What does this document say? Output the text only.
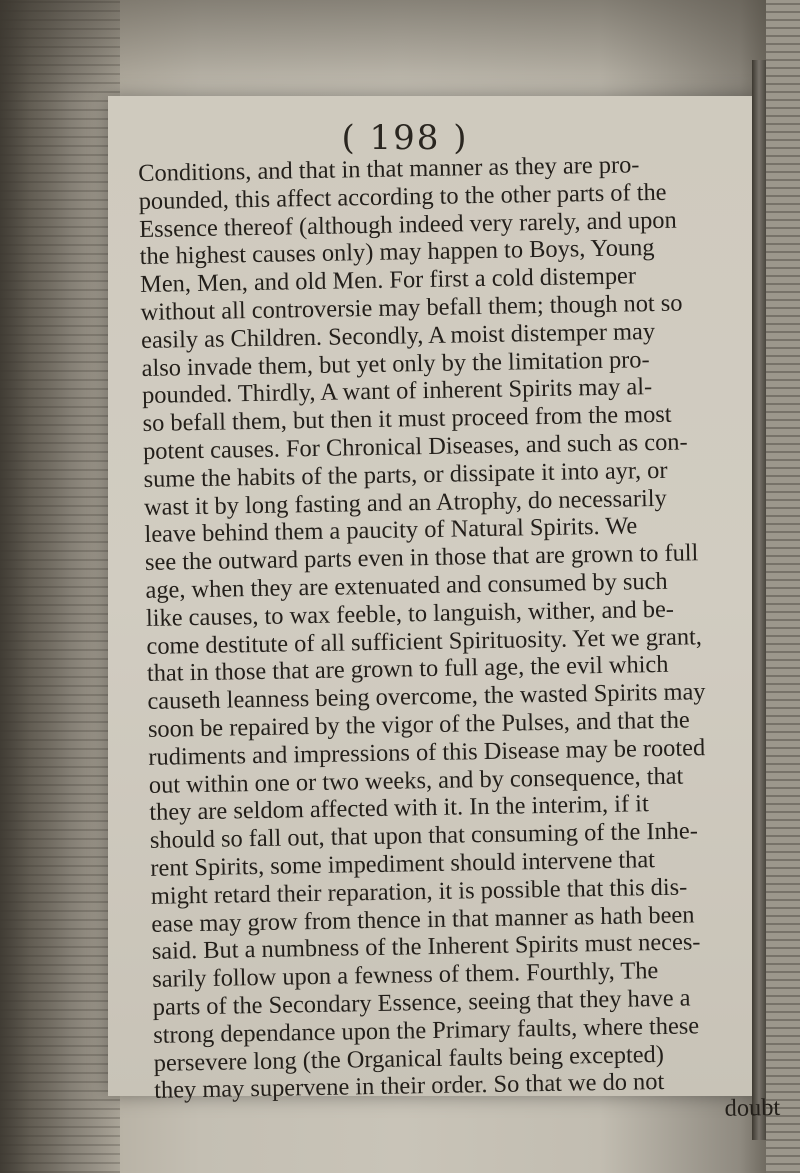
( 198 )
Conditions, and that in that manner as they are pro-
pounded, this affect according to the other parts of the
Essence thereof (although indeed very rarely, and upon
the highest causes only) may happen to Boys, Young
Men, Men, and old Men. For first a cold distemper
without all controversie may befall them; though not so
easily as Children. Secondly, A moist distemper may
also invade them, but yet only by the limitation pro-
pounded. Thirdly, A want of inherent Spirits may al-
so befall them, but then it must proceed from the most
potent causes. For Chronical Diseases, and such as con-
sume the habits of the parts, or dissipate it into ayr, or
wast it by long fasting and an Atrophy, do necessarily
leave behind them a paucity of Natural Spirits. We
see the outward parts even in those that are grown to full
age, when they are extenuated and consumed by such
like causes, to wax feeble, to languish, wither, and be-
come destitute of all sufficient Spirituosity. Yet we grant,
that in those that are grown to full age, the evil which
causeth leanness being overcome, the wasted Spirits may
soon be repaired by the vigor of the Pulses, and that the
rudiments and impressions of this Disease may be rooted
out within one or two weeks, and by consequence, that
they are seldom affected with it. In the interim, if it
should so fall out, that upon that consuming of the Inhe-
rent Spirits, some impediment should intervene that
might retard their reparation, it is possible that this dis-
ease may grow from thence in that manner as hath been
said. But a numbness of the Inherent Spirits must neces-
sarily follow upon a fewness of them. Fourthly, The
parts of the Secondary Essence, seeing that they have a
strong dependance upon the Primary faults, where these
persevere long (the Organical faults being excepted)
they may supervene in their order. So that we do not
doubt
